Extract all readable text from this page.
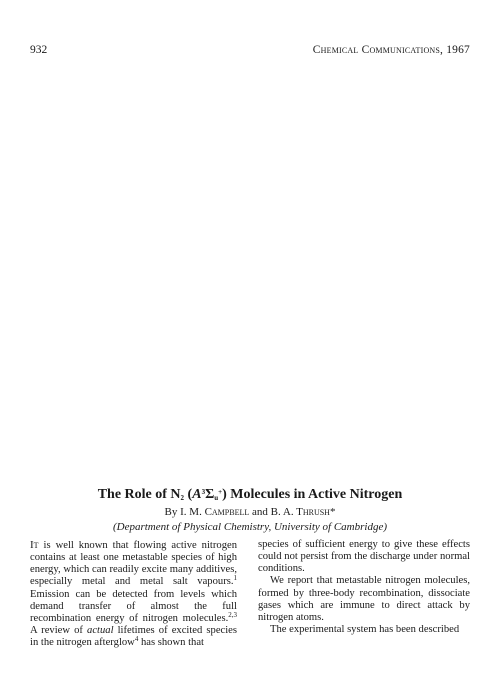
932	Chemical Communications, 1967
The Role of $N_2$ $(A^3\Sigma_u^+)$ Molecules in Active Nitrogen
By I. M. Campbell and B. A. Thrush*
(Department of Physical Chemistry, University of Cambridge)

It is well known that flowing active nitrogen contains at least one metastable species of high energy, which can readily excite many additives, especially metal and metal salt vapours.$^1$ Emission can be detected from levels which demand transfer of almost the full recombination energy of nitrogen molecules.$^{2,3}$ A review of actual lifetimes of excited species in the nitrogen afterglow$^4$ has shown that

species of sufficient energy to give these effects could not persist from the discharge under normal conditions.

We report that metastable nitrogen molecules, formed by three-body recombination, dissociate gases which are immune to direct attack by nitrogen atoms.

The experimental system has been described
